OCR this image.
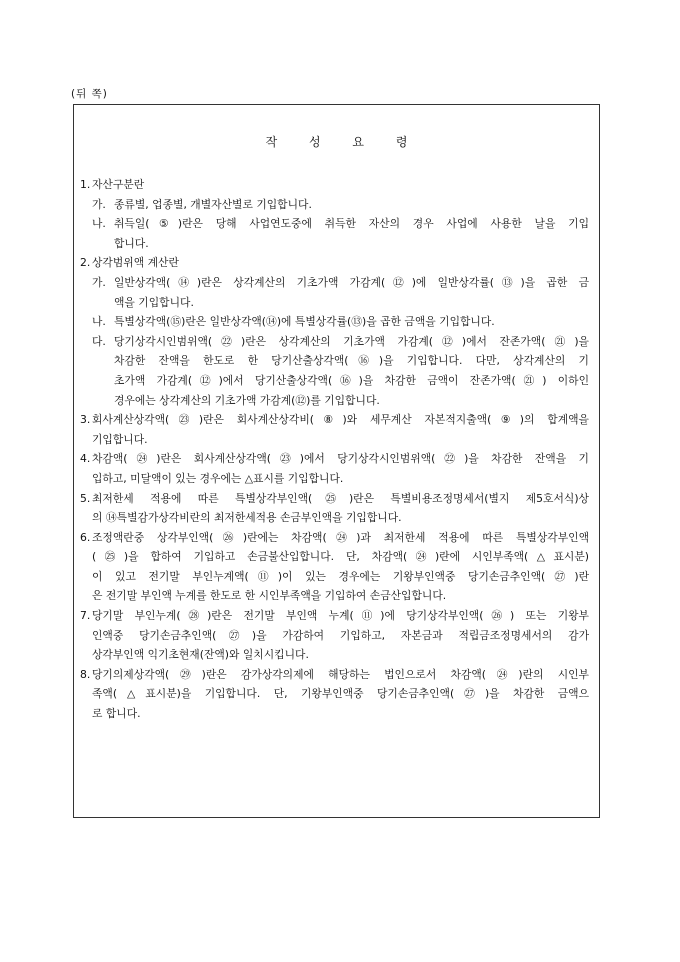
(뒤 쪽)
작 성 요 령
1. 자산구분란
가. 종류별, 업종별, 개별자산별로 기입합니다.
나. 취득일(⑤)란은 당해 사업연도중에 취득한 자산의 경우 사업에 사용한 날을 기입
합니다.
2. 상각범위액 계산란
가. 일반상각액(⑭)란은 상각계산의 기초가액 가감계(⑫)에 일반상각률(⑬)을 곱한 금
액을 기입합니다.
나. 특별상각액(⑮)란은 일반상각액(⑭)에 특별상각률(⑬)을 곱한 금액을 기입합니다.
다. 당기상각시인범위액(㉒)란은 상각계산의 기초가액 가감계(⑫)에서 잔존가액(㉑)을
차감한 잔액을 한도로 한 당기산출상각액(⑯)을 기입합니다. 다만, 상각계산의 기
초가액 가감계(⑫)에서 당기산출상각액(⑯)을 차감한 금액이 잔존가액(㉑) 이하인
경우에는 상각계산의 기초가액 가감계(⑫)를 기입합니다.
3. 회사계산상각액(㉓)란은 회사계산상각비(⑧)와 세무계산 자본적지출액(⑨)의 합계액을
기입합니다.
4. 차감액(㉔)란은 회사계산상각액(㉓)에서 당기상각시인범위액(㉒)을 차감한 잔액을 기
입하고, 미달액이 있는 경우에는 △표시를 기입합니다.
5. 최저한세 적용에 따른 특별상각부인액(㉕)란은 특별비용조정명세서(별지 제5호서식)상
의 ⑭특별감가상각비란의 최저한세적용 손금부인액을 기입합니다.
6. 조정액란중 상각부인액(㉖)란에는 차감액(㉔)과 최저한세 적용에 따른 특별상각부인액
(㉕)을 합하여 기입하고 손금불산입합니다. 단, 차감액(㉔)란에 시인부족액(△표시분)
이 있고 전기말 부인누계액(⑪)이 있는 경우에는 기왕부인액중 당기손금추인액(㉗)란
은 전기말 부인액 누계를 한도로 한 시인부족액을 기입하여 손금산입합니다.
7. 당기말 부인누계(㉘)란은 전기말 부인액 누계(⑪)에 당기상각부인액(㉖) 또는 기왕부
인액중 당기손금추인액(㉗)을 가감하여 기입하고, 자본금과 적립금조정명세서의 감가
상각부인액 익기초현재(잔액)와 일치시킵니다.
8. 당기의제상각액(㉙)란은 감가상각의제에 해당하는 법인으로서 차감액(㉔)란의 시인부
족액(△표시분)을 기입합니다. 단, 기왕부인액중 당기손금추인액(㉗)을 차감한 금액으
로 합니다.
